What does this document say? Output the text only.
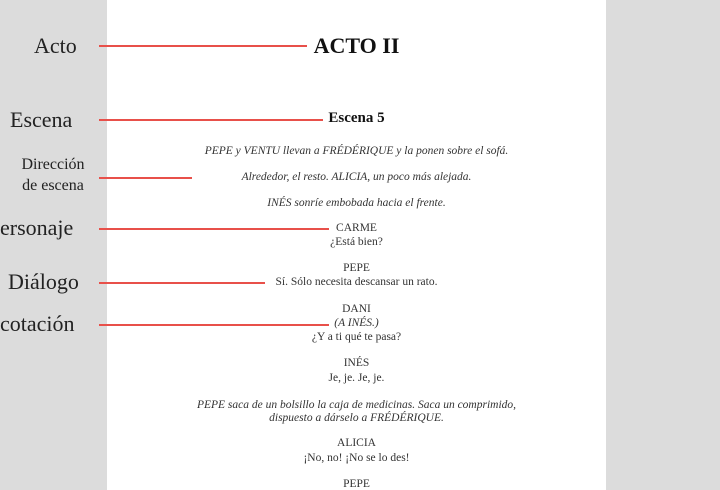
Acto
Escena
Dirección
de escena
ersonaje
Diálogo
cotación
ACTO II
Escena 5
PEPE y VENTU llevan a FRÉDÉRIQUE y la ponen sobre el sofá.
Alrededor, el resto. ALICIA, un poco más alejada.
INÉS sonríe embobada hacia el frente.
CARME
¿Está bien?
PEPE
Sí. Sólo necesita descansar un rato.
DANI
(A INÉS.)
¿Y a ti qué te pasa?
INÉS
Je, je. Je, je.
PEPE saca de un bolsillo la caja de medicinas. Saca un comprimido,
dispuesto a dárselo a FRÉDÉRIQUE.
ALICIA
¡No, no! ¡No se lo des!
PEPE
